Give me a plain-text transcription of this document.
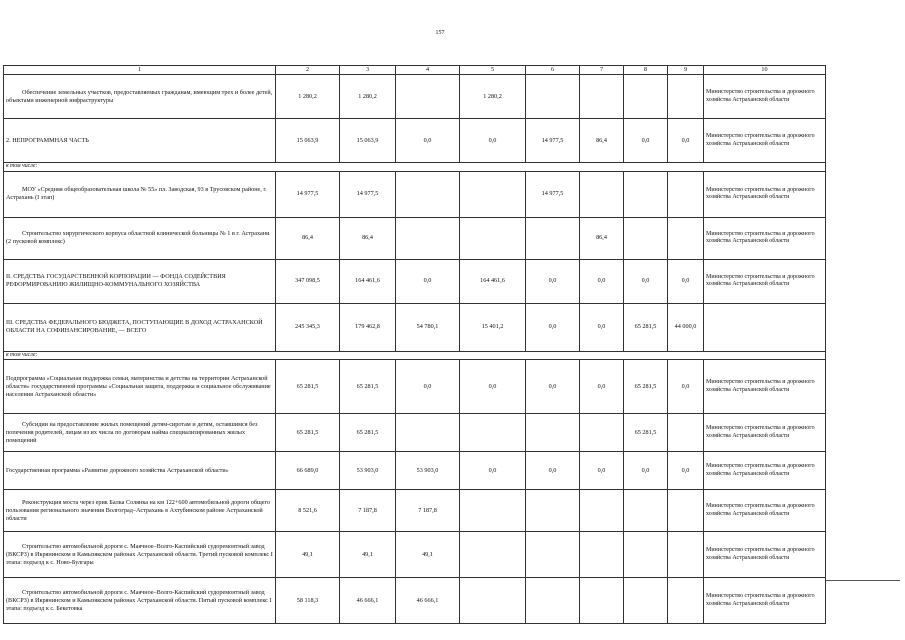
157
1	2	3	4	5	6	7	8	9	10
Обеспечение земельных участков, предоставляемых гражданам, имеющим трех и более детей, объектами инженерной инфраструктуры	1 280,2	1 280,2		1 280,2					Министерство строительства и дорожного хозяйства Астраханской области
2. НЕПРОГРАММНАЯ ЧАСТЬ	15 063,9	15 063,9	0,0	0,0	14 977,5	86,4	0,0	0,0	Министерство строительства и дорожного хозяйства Астраханской области
в том числе:									
МОУ «Средняя общеобразовательная школа № 55» пл. Заводская, 93 в Трусовском районе, г. Астрахань (I этап)	14 977,5	14 977,5			14 977,5				Министерство строительства и дорожного хозяйства Астраханской области
Строительство хирургического корпуса областной клинической больницы № 1 в г. Астрахани (2 пусковой комплекс)	86,4	86,4				86,4			Министерство строительства и дорожного хозяйства Астраханской области
II. СРЕДСТВА ГОСУДАРСТВЕННОЙ КОРПОРАЦИИ — ФОНДА СОДЕЙСТВИЯ РЕФОРМИРОВАНИЮ ЖИЛИЩНО-КОММУНАЛЬНОГО ХОЗЯЙСТВА	347 098,5	164 461,6	0,0	164 461,6	0,0	0,0	0,0	0,0	Министерство строительства и дорожного хозяйства Астраханской области
III. СРЕДСТВА ФЕДЕРАЛЬНОГО БЮДЖЕТА, ПОСТУПАЮЩИЕ В ДОХОД АСТРАХАНСКОЙ ОБЛАСТИ НА СОФИНАНСИРОВАНИЕ, — ВСЕГО	245 345,3	179 462,8	54 780,1	15 401,2	0,0	0,0	65 281,5	44 000,0	
в том числе:									
Подпрограмма «Социальная поддержка семьи, материнства и детства на территории Астраханской области» государственной программы «Социальная защита, поддержка и социальное обслуживание населения Астраханской области»	65 281,5	65 281,5	0,0	0,0	0,0	0,0	65 281,5	0,0	Министерство строительства и дорожного хозяйства Астраханской области
Субсидии на предоставление жилых помещений детям-сиротам и детям, оставшимся без попечения родителей, лицам из их числа по договорам найма специализированных жилых помещений	65 281,5	65 281,5					65 281,5		Министерство строительства и дорожного хозяйства Астраханской области
Государственная программа «Развитие дорожного хозяйства Астраханской области»	66 689,0	53 903,0	53 903,0	0,0	0,0	0,0	0,0	0,0	Министерство строительства и дорожного хозяйства Астраханской области
Реконструкция моста через ерик Балка Солянка на км 122+600 автомобильной дороги общего пользования регионального значения Волгоград–Астрахань в Ахтубинском районе Астраханской области	8 521,6	7 187,8	7 187,8						Министерство строительства и дорожного хозяйства Астраханской области
Строительство автомобильной дороги с. Маячное–Волго-Каспийский судоремонтный завод (ВКСРЗ) в Икрянинском и Камызякском районах Астраханской области. Третий пусковой комплекс I этапа: подъезд к с. Ново-Булгары	49,1	49,1	49,1						Министерство строительства и дорожного хозяйства Астраханской области
Строительство автомобильной дороги с. Маячное–Волго-Каспийский судоремонтный завод (ВКСРЗ) в Икрянинском и Камызякском районах Астраханской области. Пятый пусковой комплекс I этапа: подъезд к с. Бекетовка	58 118,3	46 666,1	46 666,1						Министерство строительства и дорожного хозяйства Астраханской области
